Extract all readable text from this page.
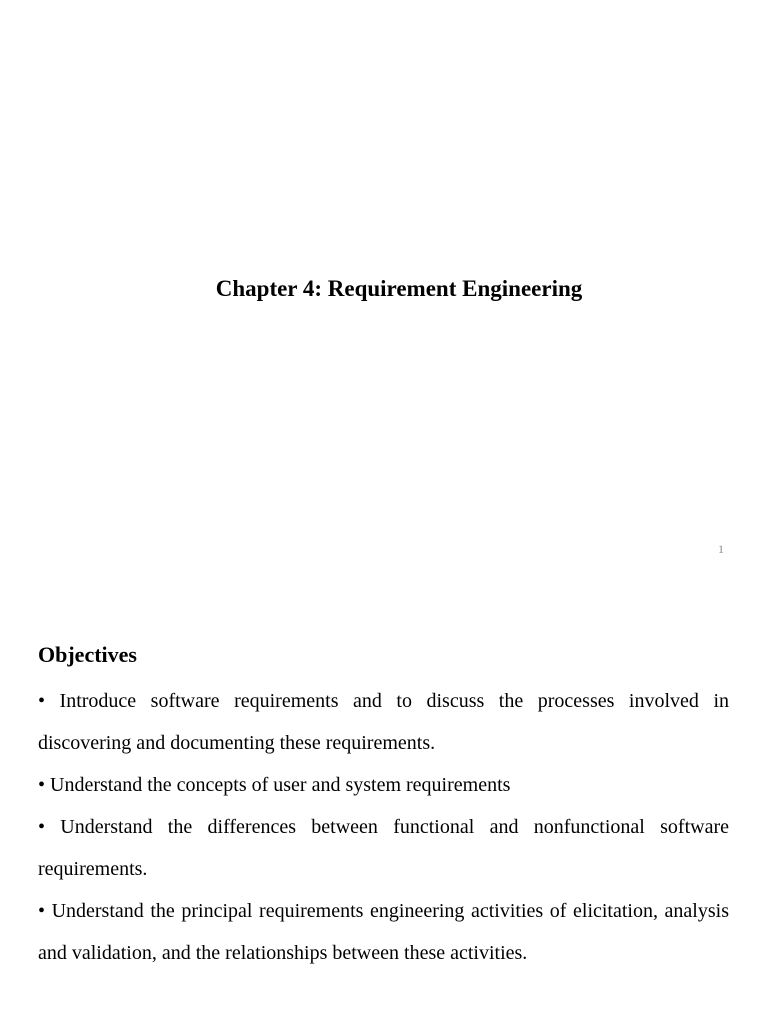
Chapter 4: Requirement Engineering
1
Objectives
• Introduce software requirements and to discuss the processes involved in discovering and documenting these requirements.
• Understand the concepts of user and system requirements
• Understand the differences between functional and nonfunctional software requirements.
• Understand the principal requirements engineering activities of elicitation, analysis and validation, and the relationships between these activities.
